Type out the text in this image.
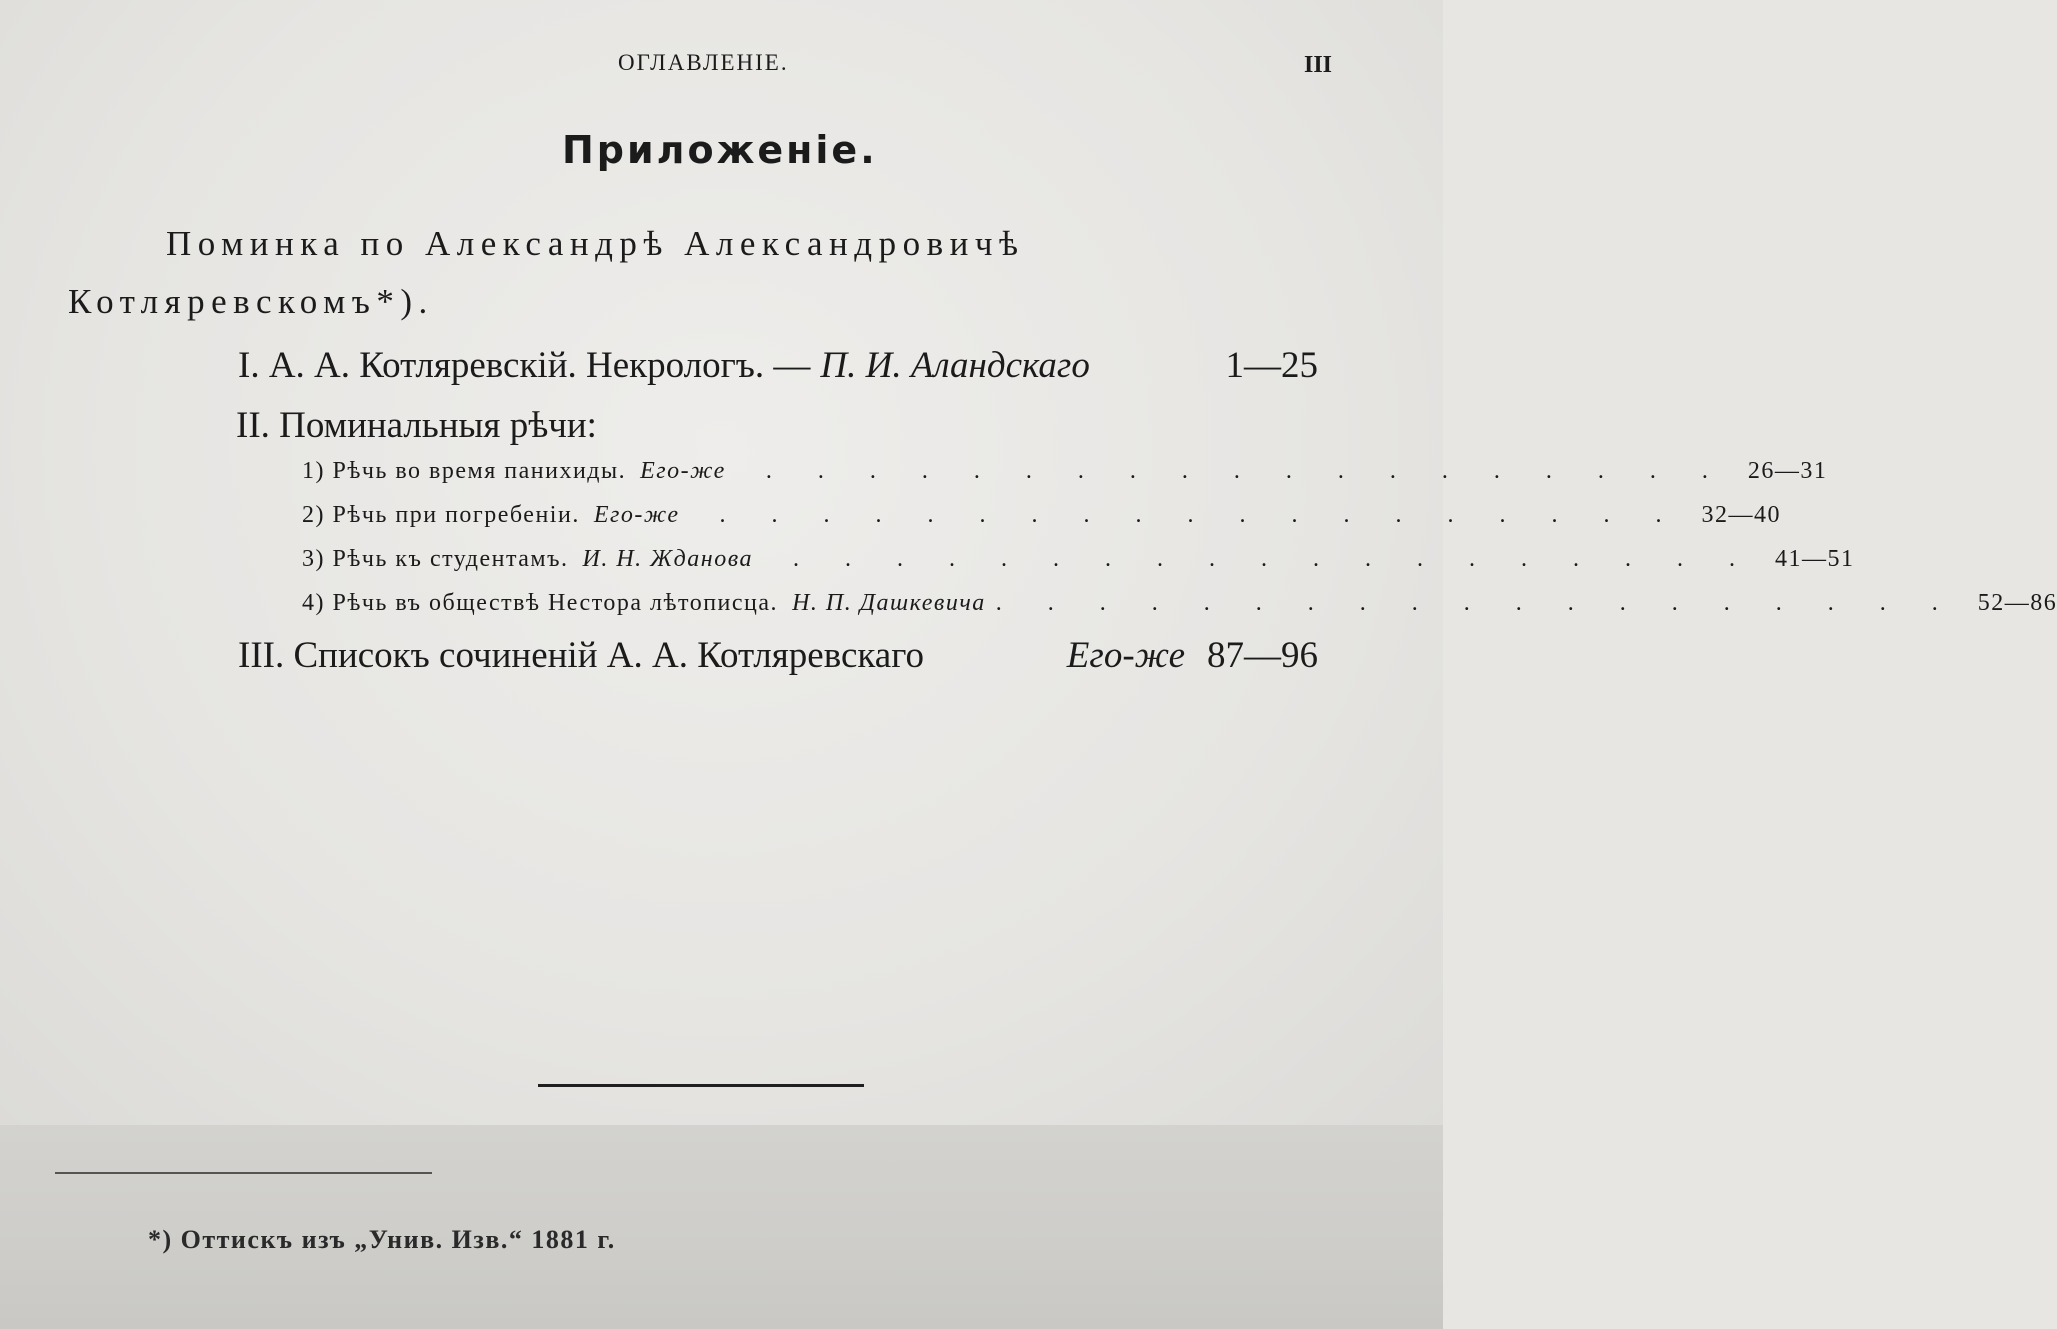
ОГЛАВЛЕНIЕ.	III
Приложенiе.
Поминка по Александрѣ Александровичѣ
Котляревскомъ*).
I. А. А. Котляревскiй. Некрологъ. — П. И. Аландскаго	1—25
II. Поминальныя рѣчи:
1) Рѣчь во время панихиды. Его-же . . . . . . . . . . . . . . . . . . . 26—31
2) Рѣчь при погребенiи. Его-же . . . . . . . . . . . . . . . . . . . 32—40
3) Рѣчь къ студентамъ. И. Н. Жданова . . . . . . . . . . . . . . . . . . . 41—51
4) Рѣчь въ обществѣ Нестора лѣтописца. Н. П. Дашкевича . . . . . . . . . . . . . . . . . . . 52—86
III. Списокъ сочиненiй А. А. Котляревскаго	Его-же 87—96
*) Оттискъ изъ „Унив. Изв.“ 1881 г.
